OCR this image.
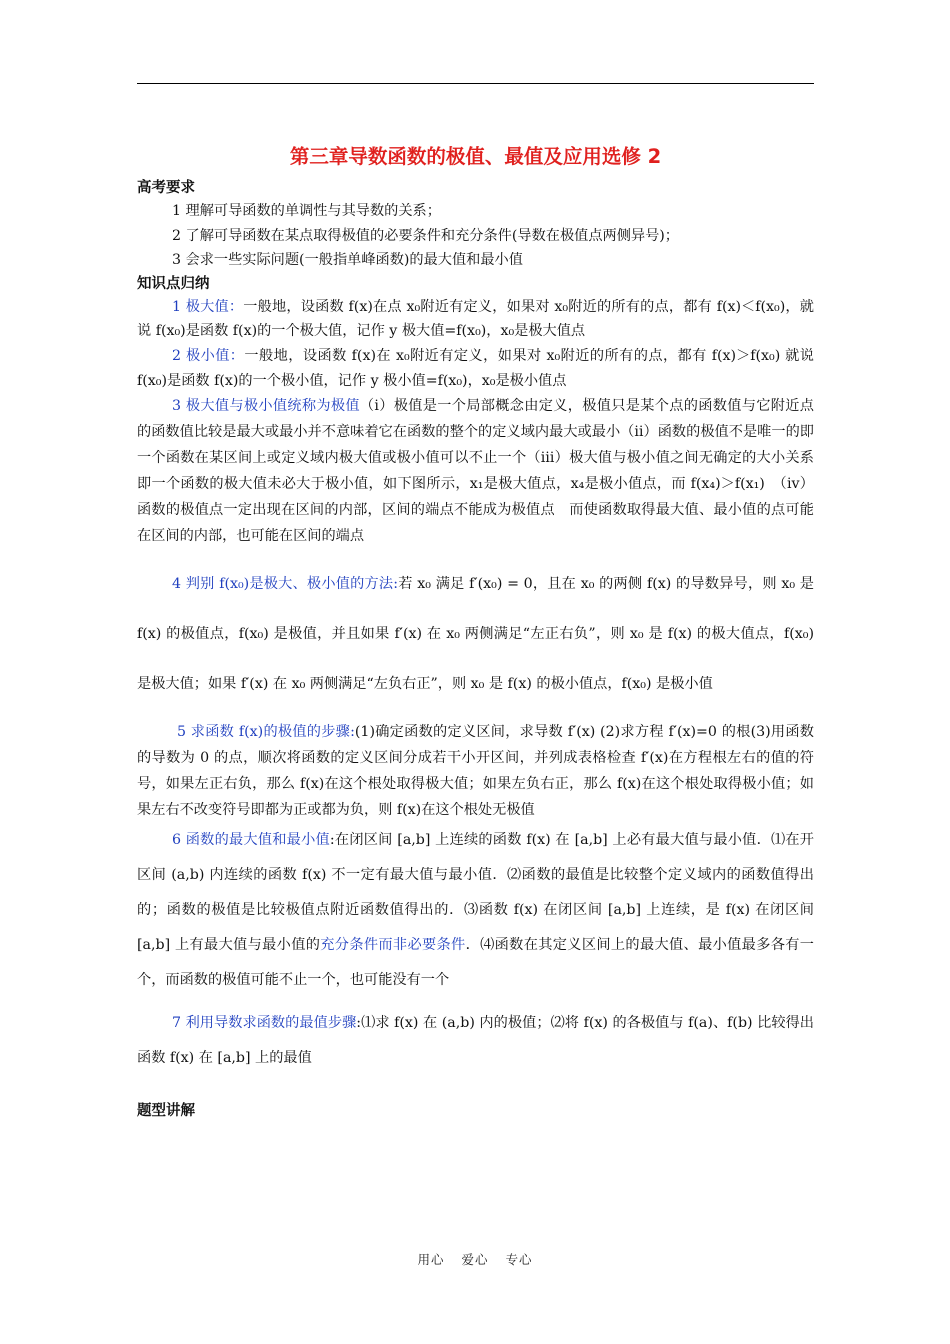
第三章导数函数的极值、最值及应用选修 2
高考要求

1 理解可导函数的单调性与其导数的关系；

2 了解可导函数在某点取得极值的必要条件和充分条件(导数在极值点两侧异号)；

3 会求一些实际问题(一般指单峰函数)的最大值和最小值

知识点归纳

1 极大值：一般地，设函数 f(x)在点 x₀附近有定义，如果对 x₀附近的所有的点，都有 f(x)＜f(x₀)，就说 f(x₀)是函数 f(x)的一个极大值，记作 y 极大值=f(x₀)，x₀是极大值点

2 极小值：一般地，设函数 f(x)在 x₀附近有定义，如果对 x₀附近的所有的点，都有 f(x)＞f(x₀) 就说 f(x₀)是函数 f(x)的一个极小值，记作 y 极小值=f(x₀)，x₀是极小值点

3 极大值与极小值统称为极值（ⅰ）极值是一个局部概念由定义，极值只是某个点的函数值与它附近点的函数值比较是最大或最小并不意味着它在函数的整个的定义域内最大或最小（ⅱ）函数的极值不是唯一的即一个函数在某区间上或定义域内极大值或极小值可以不止一个（ⅲ）极大值与极小值之间无确定的大小关系即一个函数的极大值未必大于极小值，如下图所示，x₁是极大值点，x₄是极小值点，而 f(x₄)＞f(x₁)　（ⅳ）函数的极值点一定出现在区间的内部，区间的端点不能成为极值点　而使函数取得最大值、最小值的点可能在区间的内部，也可能在区间的端点

4 判别 f(x₀)是极大、极小值的方法:若 x₀ 满足 f′(x₀) = 0，且在 x₀ 的两侧 f(x) 的导数异号，则 x₀ 是 f(x) 的极值点，f(x₀) 是极值，并且如果 f′(x) 在 x₀ 两侧满足“左正右负”，则 x₀ 是 f(x) 的极大值点，f(x₀) 是极大值；如果 f′(x) 在 x₀ 两侧满足“左负右正”，则 x₀ 是 f(x) 的极小值点，f(x₀) 是极小值

5 求函数 f(x)的极值的步骤:(1)确定函数的定义区间，求导数 f′(x) (2)求方程 f′(x)=0 的根(3)用函数的导数为 0 的点，顺次将函数的定义区间分成若干小开区间，并列成表格检查 f′(x)在方程根左右的值的符号，如果左正右负，那么 f(x)在这个根处取得极大值；如果左负右正，那么 f(x)在这个根处取得极小值；如果左右不改变符号即都为正或都为负，则 f(x)在这个根处无极值

6 函数的最大值和最小值:在闭区间 [a,b] 上连续的函数 f(x) 在 [a,b] 上必有最大值与最小值．⑴在开区间 (a,b) 内连续的函数 f(x) 不一定有最大值与最小值．⑵函数的最值是比较整个定义域内的函数值得出的；函数的极值是比较极值点附近函数值得出的．⑶函数 f(x) 在闭区间 [a,b] 上连续，是 f(x) 在闭区间 [a,b] 上有最大值与最小值的充分条件而非必要条件．⑷函数在其定义区间上的最大值、最小值最多各有一个，而函数的极值可能不止一个，也可能没有一个

7 利用导数求函数的最值步骤:⑴求 f(x) 在 (a,b) 内的极值；⑵将 f(x) 的各极值与 f(a)、f(b) 比较得出函数 f(x) 在 [a,b] 上的最值

题型讲解
用心 爱心 专心
